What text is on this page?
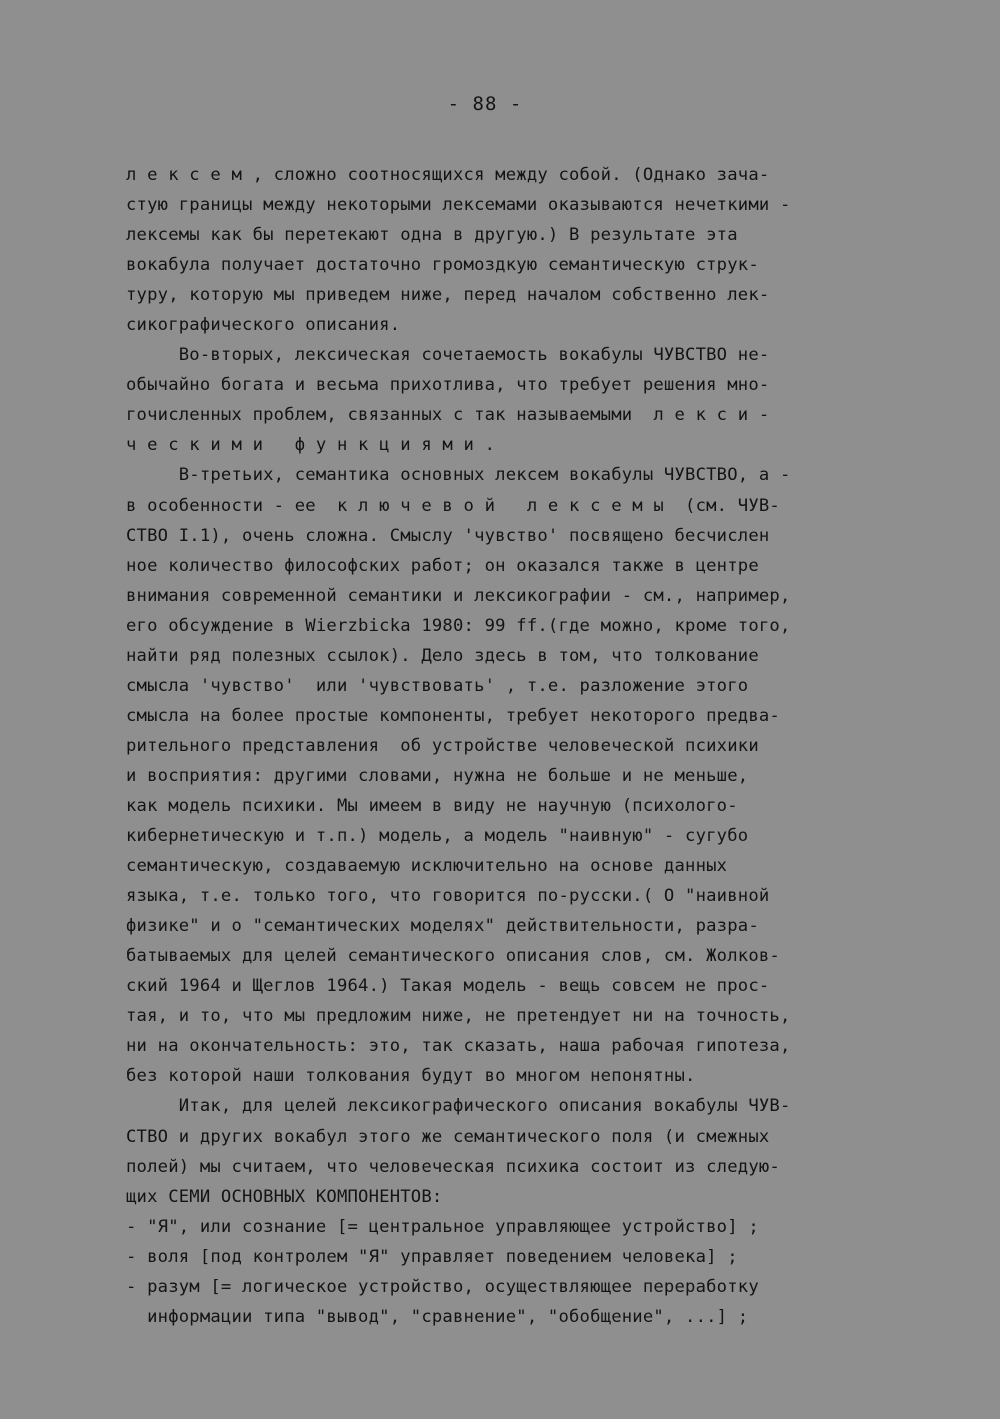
- 88 -
л е к с е м , сложно соотносящихся между собой. (Однако зача-
стую границы между некоторыми лексемами оказываются нечеткими -
лексемы как бы перетекают одна в другую.) В результате эта
вокабула получает достаточно громоздкую семантическую струк-
туру, которую мы приведем ниже, перед началом собственно лек-
сикографического описания.
Во-вторых, лексическая сочетаемость вокабулы ЧУВСТВО не-
обычайно богата и весьма прихотлива, что требует решения мно-
гочисленных проблем, связанных с так называемыми  л е к с и -
ч е с к и м и   ф у н к ц и я м и .
В-третьих, семантика основных лексем вокабулы ЧУВСТВО, а -
в особенности - ее  к л ю ч е в о й   л е к с е м ы  (см. ЧУВ-
СТВО I.1), очень сложна. Смыслу 'чувство' посвящено бесчислен
ное количество философских работ; он оказался также в центре
внимания современной семантики и лексикографии - см., например,
его обсуждение в Wierzbicka 1980: 99 ff.(где можно, кроме того,
найти ряд полезных ссылок). Дело здесь в том, что толкование
смысла 'чувство'  или 'чувствовать' , т.е. разложение этого
смысла на более простые компоненты, требует некоторого предва-
рительного представления  об устройстве человеческой психики
и восприятия: другими словами, нужна не больше и не меньше,
как модель психики. Мы имеем в виду не научную (психолого-
кибернетическую и т.п.) модель, а модель "наивную" - сугубо
семантическую, создаваемую исключительно на основе данных
языка, т.е. только того, что говорится по-русски.( О "наивной
физике" и о "семантических моделях" действительности, разра-
батываемых для целей семантического описания слов, см. Жолков-
ский 1964 и Щеглов 1964.) Такая модель - вещь совсем не прос-
тая, и то, что мы предложим ниже, не претендует ни на точность,
ни на окончательность: это, так сказать, наша рабочая гипотеза,
без которой наши толкования будут во многом непонятны.
Итак, для целей лексикографического описания вокабулы ЧУВ-
СТВО и других вокабул этого же семантического поля (и смежных
полей) мы считаем, что человеческая психика состоит из следую-
щих СЕМИ ОСНОВНЫХ КОМПОНЕНТОВ:
- "Я", или сознание [= центральное управляющее устройство] ;
- воля [под контролем "Я" управляет поведением человека] ;
- разум [= логическое устройство, осуществляющее переработку
информации типа "вывод", "сравнение", "обобщение", ...] ;
